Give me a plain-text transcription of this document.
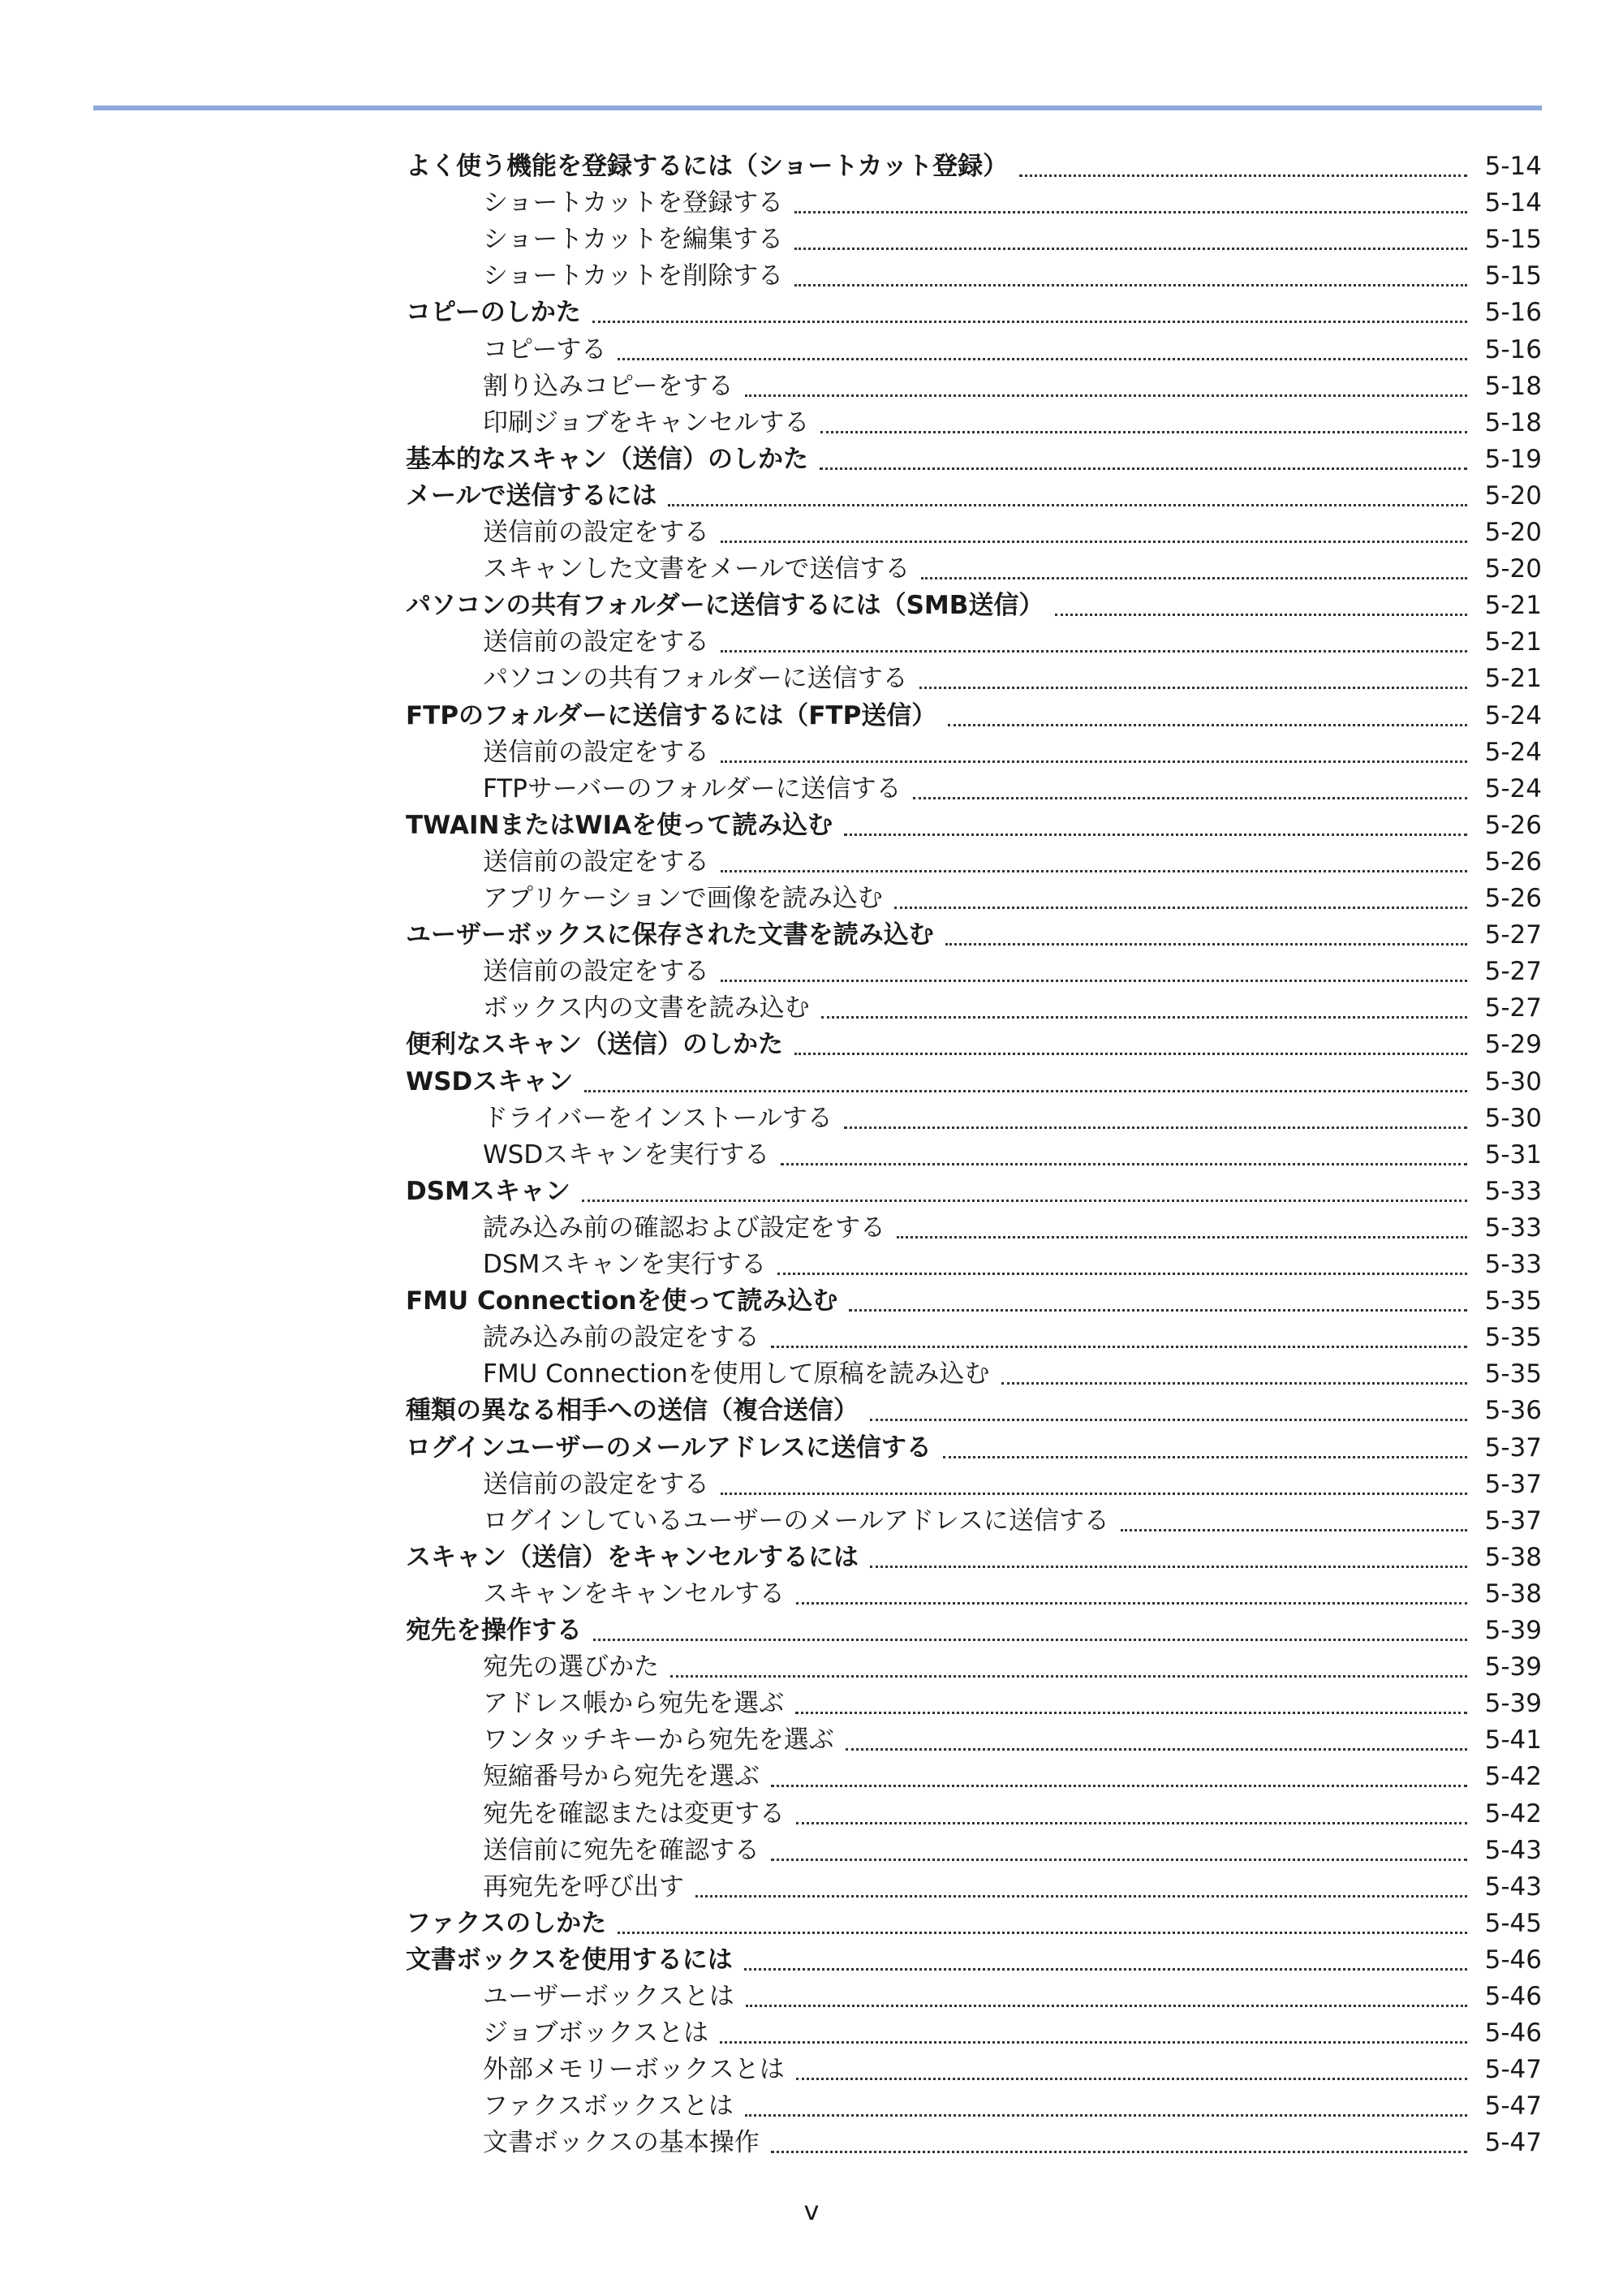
よく使う機能を登録するには（ショートカット登録）	5-14
ショートカットを登録する	5-14
ショートカットを編集する	5-15
ショートカットを削除する	5-15
コピーのしかた	5-16
コピーする	5-16
割り込みコピーをする	5-18
印刷ジョブをキャンセルする	5-18
基本的なスキャン（送信）のしかた	5-19
メールで送信するには	5-20
送信前の設定をする	5-20
スキャンした文書をメールで送信する	5-20
パソコンの共有フォルダーに送信するには（SMB送信）	5-21
送信前の設定をする	5-21
パソコンの共有フォルダーに送信する	5-21
FTPのフォルダーに送信するには（FTP送信）	5-24
送信前の設定をする	5-24
FTPサーバーのフォルダーに送信する	5-24
TWAINまたはWIAを使って読み込む	5-26
送信前の設定をする	5-26
アプリケーションで画像を読み込む	5-26
ユーザーボックスに保存された文書を読み込む	5-27
送信前の設定をする	5-27
ボックス内の文書を読み込む	5-27
便利なスキャン（送信）のしかた	5-29
WSDスキャン	5-30
ドライバーをインストールする	5-30
WSDスキャンを実行する	5-31
DSMスキャン	5-33
読み込み前の確認および設定をする	5-33
DSMスキャンを実行する	5-33
FMU Connectionを使って読み込む	5-35
読み込み前の設定をする	5-35
FMU Connectionを使用して原稿を読み込む	5-35
種類の異なる相手への送信（複合送信）	5-36
ログインユーザーのメールアドレスに送信する	5-37
送信前の設定をする	5-37
ログインしているユーザーのメールアドレスに送信する	5-37
スキャン（送信）をキャンセルするには	5-38
スキャンをキャンセルする	5-38
宛先を操作する	5-39
宛先の選びかた	5-39
アドレス帳から宛先を選ぶ	5-39
ワンタッチキーから宛先を選ぶ	5-41
短縮番号から宛先を選ぶ	5-42
宛先を確認または変更する	5-42
送信前に宛先を確認する	5-43
再宛先を呼び出す	5-43
ファクスのしかた	5-45
文書ボックスを使用するには	5-46
ユーザーボックスとは	5-46
ジョブボックスとは	5-46
外部メモリーボックスとは	5-47
ファクスボックスとは	5-47
文書ボックスの基本操作	5-47
v
